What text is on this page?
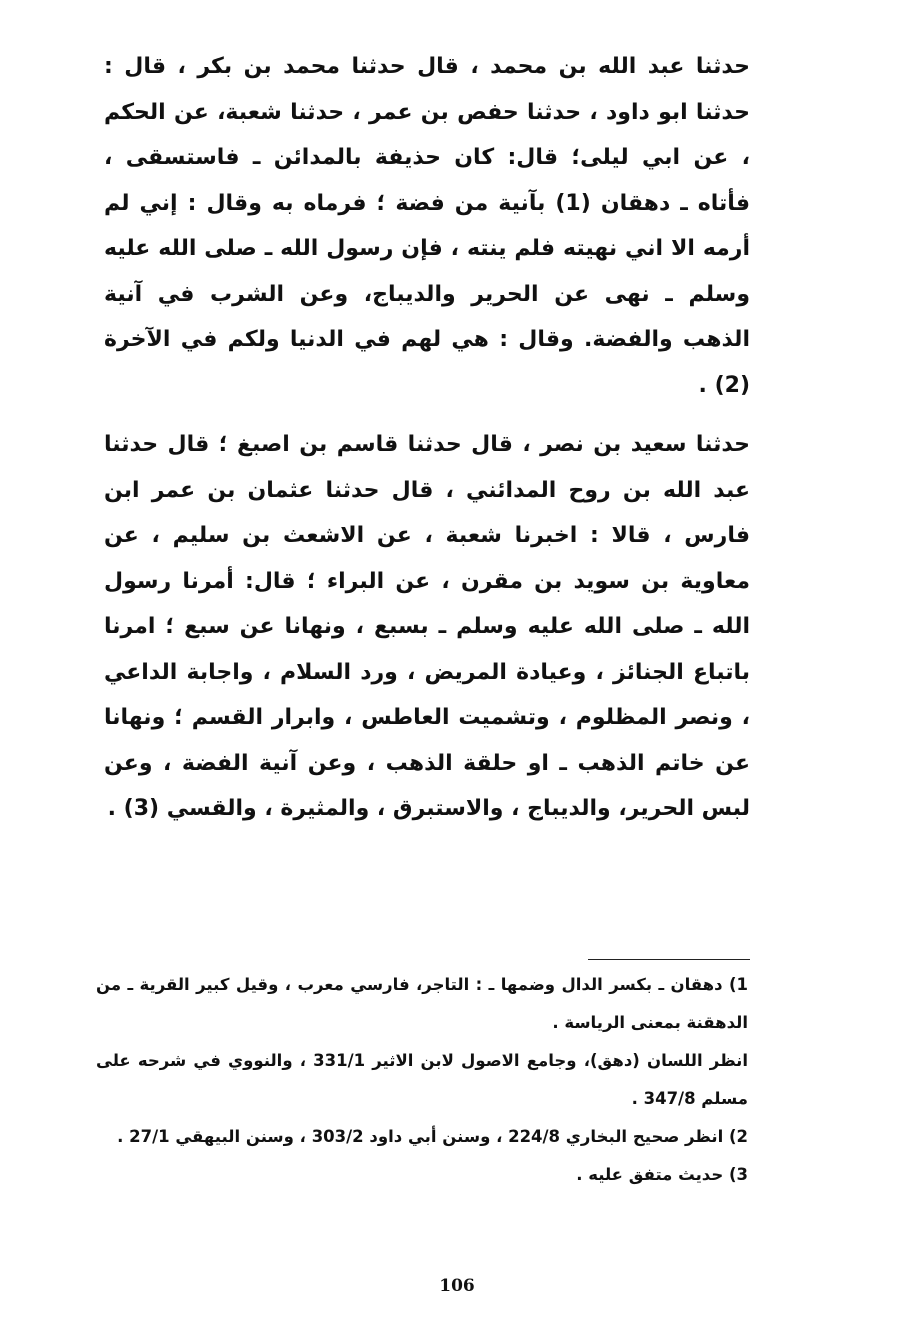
حدثنا عبد الله بن محمد ، قال حدثنا محمد بن بكر ، قال : حدثنا ابو داود ، حدثنا حفص بن عمر ، حدثنا شعبة، عن الحكم ، عن ابي ليلى؛ قال: كان حذيفة بالمدائن ـ فاستسقى ، فأتاه ـ دهقان (1) بآنية من فضة ؛ فرماه به وقال : إني لم أرمه الا اني نهيته فلم ينته ، فإن رسول الله ـ صلى الله عليه وسلم ـ نهى عن الحرير والديباج، وعن الشرب في آنية الذهب والفضة. وقال : هي لهم في الدنيا ولكم في الآخرة (2) .

حدثنا سعيد بن نصر ، قال حدثنا قاسم بن اصبغ ؛ قال حدثنا عبد الله بن روح المدائني ، قال حدثنا عثمان بن عمر ابن فارس ، قالا : اخبرنا شعبة ، عن الاشعث بن سليم ، عن معاوية بن سويد بن مقرن ، عن البراء ؛ قال: أمرنا رسول الله ـ صلى الله عليه وسلم ـ بسبع ، ونهانا عن سبع ؛ امرنا باتباع الجنائز ، وعيادة المريض ، ورد السلام ، واجابة الداعي ، ونصر المظلوم ، وتشميت العاطس ، وابرار القسم ؛ ونهانا عن خاتم الذهب ـ او حلقة الذهب ، وعن آنية الفضة ، وعن لبس الحرير، والديباج ، والاستبرق ، والمثيرة ، والقسي (3) .

1) دهقان ـ بكسر الدال وضمها ـ : التاجر، فارسي معرب ، وقيل كبير القرية ـ من الدهقنة بمعنى الرياسة .

انظر اللسان (دهق)، وجامع الاصول لابن الاثير 331/1 ، والنووي في شرحه على مسلم 347/8 .

2) انظر صحيح البخاري 224/8 ، وسنن أبي داود 303/2 ، وسنن البيهقي 27/1 .

3) حديث متفق عليه .

106
